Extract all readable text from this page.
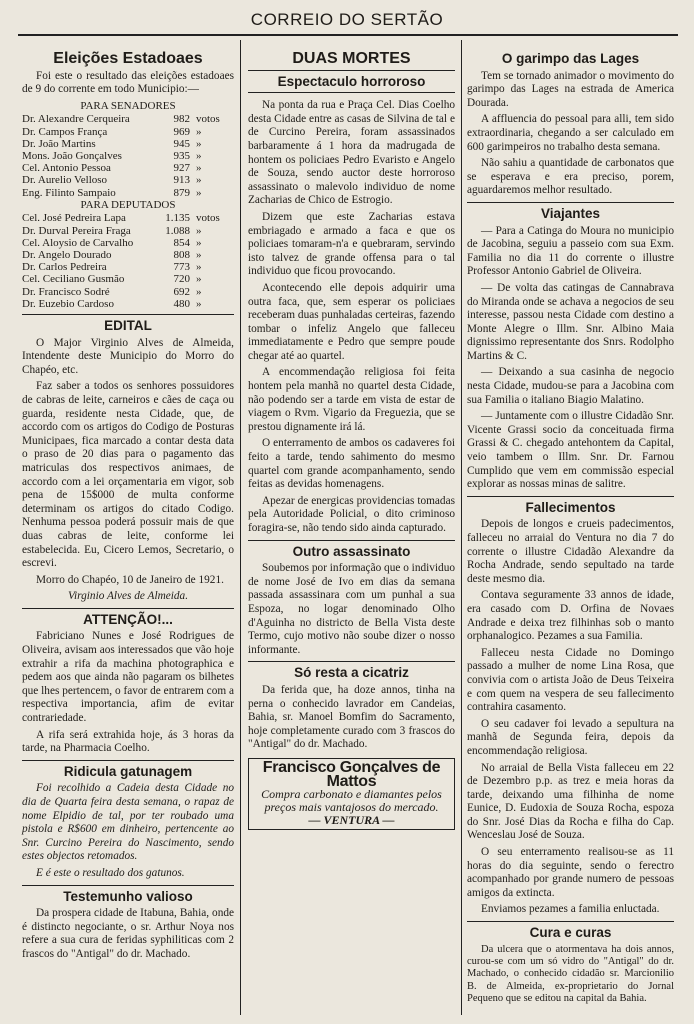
CORREIO DO SERTÃO
Eleições Estadoaes

Foi este o resultado das eleições estadoaes de 9 do corrente em todo Municipio:—

PARA SENADORES
Dr. Alexandre Cerqueira	982	votos
Dr. Campos França	969	»
Dr. João Martins	945	»
Mons. João Gonçalves	935	»
Cel. Antonio Pessoa	927	»
Dr. Aurelio Velloso	913	»
Eng. Filinto Sampaio	879	»
PARA DEPUTADOS
Cel. José Pedreira Lapa	1.135	votos
Dr. Durval Pereira Fraga	1.088	»
Cel. Aloysio de Carvalho	854	»
Dr. Angelo Dourado	808	»
Dr. Carlos Pedreira	773	»
Cel. Ceciliano Gusmão	720	»
Dr. Francisco Sodré	692	»
Dr. Euzebio Cardoso	480	»
EDITAL

O Major Virginio Alves de Almeida, Intendente deste Municipio do Morro do Chapéo, etc.

Faz saber a todos os senhores possuidores de cabras de leite, carneiros e cães de caça ou guarda, residente nesta Cidade, que, de accordo com os artigos do Codigo de Posturas Municipaes, fica marcado a contar desta data o praso de 20 dias para o pagamento das matriculas dos respectivos animaes, de accordo com a lei orçamentaria em vigor, sob pena de 15$000 de multa conforme determinam os artigos do citado Codigo. Nenhuma pessoa poderá possuir mais de que duas cabras de leite, conforme lei estabelecida. Eu, Cicero Lemos, Secretario, o escrevi.

Morro do Chapéo, 10 de Janeiro de 1921.

Virginio Alves de Almeida.
ATTENÇÃO!...

Fabriciano Nunes e José Rodrigues de Oliveira, avisam aos interessados que vão hoje extrahir a rifa da machina photographica e pedem aos que ainda não pagaram os bilhetes que lhes pertencem, o favor de entrarem com a respectiva importancia, afim de evitar contrariedade.

A rifa será extrahida hoje, ás 3 horas da tarde, na Pharmacia Coelho.

Ridicula gatunagem

Foi recolhido a Cadeia desta Cidade no dia de Quarta feira desta semana, o rapaz de nome Elpidio de tal, por ter roubado uma pistola e R$600 em dinheiro, pertencente ao Snr. Curcino Pereira do Nascimento, sendo estes objectos retomados.

E é este o resultado dos gatunos.

Testemunho valioso

Da prospera cidade de Itabuna, Bahia, onde é distincto negociante, o sr. Arthur Noya nos refere a sua cura de feridas syphiliticas com 2 frascos do "Antigal" do dr. Machado.

DUAS MORTES
Espectaculo horroroso

Na ponta da rua e Praça Cel. Dias Coelho desta Cidade entre as casas de Silvina de tal e de Curcino Pereira, foram assassinados barbaramente á 1 hora da madrugada de hontem os policiaes Pedro Evaristo e Angelo de Souza, sendo auctor deste horroroso assassinato o malevolo individuo de nome Zacharias de Chico de Estrogio.

Dizem que este Zacharias estava embriagado e armado a faca e que os policiaes tomaram-n'a e quebraram, servindo isto talvez de grande offensa para o tal individuo que ficou provocando.

Acontecendo elle depois adquirir uma outra faca, que, sem esperar os policiaes receberam duas punhaladas certeiras, fazendo tombar o infeliz Angelo que falleceu immediatamente e Pedro que sempre poude chegar até ao quartel.

A encommendação religiosa foi feita hontem pela manhã no quartel desta Cidade, não podendo ser a tarde em vista de estar de viagem o Rvm. Vigario da Freguezia, que se prestou dignamente irá lá.

O enterramento de ambos os cadaveres foi feito a tarde, tendo sahimento do mesmo quartel com grande acompanhamento, sendo feitas as devidas homenagens.

Apezar de energicas providencias tomadas pela Autoridade Policial, o dito criminoso foragira-se, não tendo sido ainda capturado.

Outro assassinato

Soubemos por informação que o individuo de nome José de Ivo em dias da semana passada assassinara com um punhal a sua Espoza, no logar denominado Olho d'Aguinha no districto de Bella Vista deste Termo, cujo motivo não soube dizer o nosso informante.

Só resta a cicatriz

Da ferida que, ha doze annos, tinha na perna o conhecido lavrador em Candeias, Bahia, sr. Manoel Bomfim do Sacramento, hoje completamente curado com 3 frascos do "Antigal" do dr. Machado.

Francisco Gonçalves de Mattos
Compra carbonato e diamantes pelos preços mais vantajosos do mercado.
— VENTURA —
O garimpo das Lages

Tem se tornado animador o movimento do garimpo das Lages na estrada de America Dourada.

A affluencia do pessoal para alli, tem sido extraordinaria, chegando a ser calculado em 600 garimpeiros no trabalho desta semana.

Não sahiu a quantidade de carbonatos que se esperava e era preciso, porem, aguardaremos melhor resultado.

Viajantes

— Para a Catinga do Moura no municipio de Jacobina, seguiu a passeio com sua Exm. Familia no dia 11 do corrente o illustre Professor Antonio Gabriel de Oliveira.

— De volta das catingas de Cannabrava do Miranda onde se achava a negocios de seu interesse, passou nesta Cidade com destino a Monte Alegre o Illm. Snr. Albino Maia dignissimo representante dos Snrs. Rodolpho Martins & C.

— Deixando a sua casinha de negocio nesta Cidade, mudou-se para a Jacobina com sua Familia o italiano Biagio Malatino.

— Juntamente com o illustre Cidadão Snr. Vicente Grassi socio da conceituada firma Grassi & C. chegado antehontem da Capital, veio tambem o Illm. Snr. Dr. Farnou Cumplido que vem em commissão especial explorar as nossas minas de salitre.

Fallecimentos

Depois de longos e crueis padecimentos, falleceu no arraial do Ventura no dia 7 do corrente o illustre Cidadão Alexandre da Rocha Andrade, sendo sepultado na tarde deste mesmo dia.

Contava seguramente 33 annos de idade, era casado com D. Orfina de Novaes Andrade e deixa trez filhinhas sob o manto orphanalogico. Pezames a sua Familia.

Falleceu nesta Cidade no Domingo passado a mulher de nome Lina Rosa, que convivia com o artista João de Deus Teixeira e com quem na vespera de seu fallecimento contrahira casamento.

O seu cadaver foi levado a sepultura na manhã de Segunda feira, depois da encommendação religiosa.

No arraial de Bella Vista falleceu em 22 de Dezembro p.p. as trez e meia horas da tarde, deixando uma filhinha de nome Eunice, D. Eudoxia de Souza Rocha, espoza do Snr. José Dias da Rocha e filha do Cap. Wenceslau José de Souza.

O seu enterramento realisou-se as 11 horas do dia seguinte, sendo o ferectro acompanhado por grande numero de pessoas amigos da extincta.

Enviamos pezames a familia enluctada.

Cura e curas

Da ulcera que o atormentava ha dois annos, curou-se com um só vidro do "Antigal" do dr. Machado, o conhecido cidadão sr. Marcionilio B. de Almeida, ex-proprietario do Jornal Pequeno que se editou na capital da Bahia.
